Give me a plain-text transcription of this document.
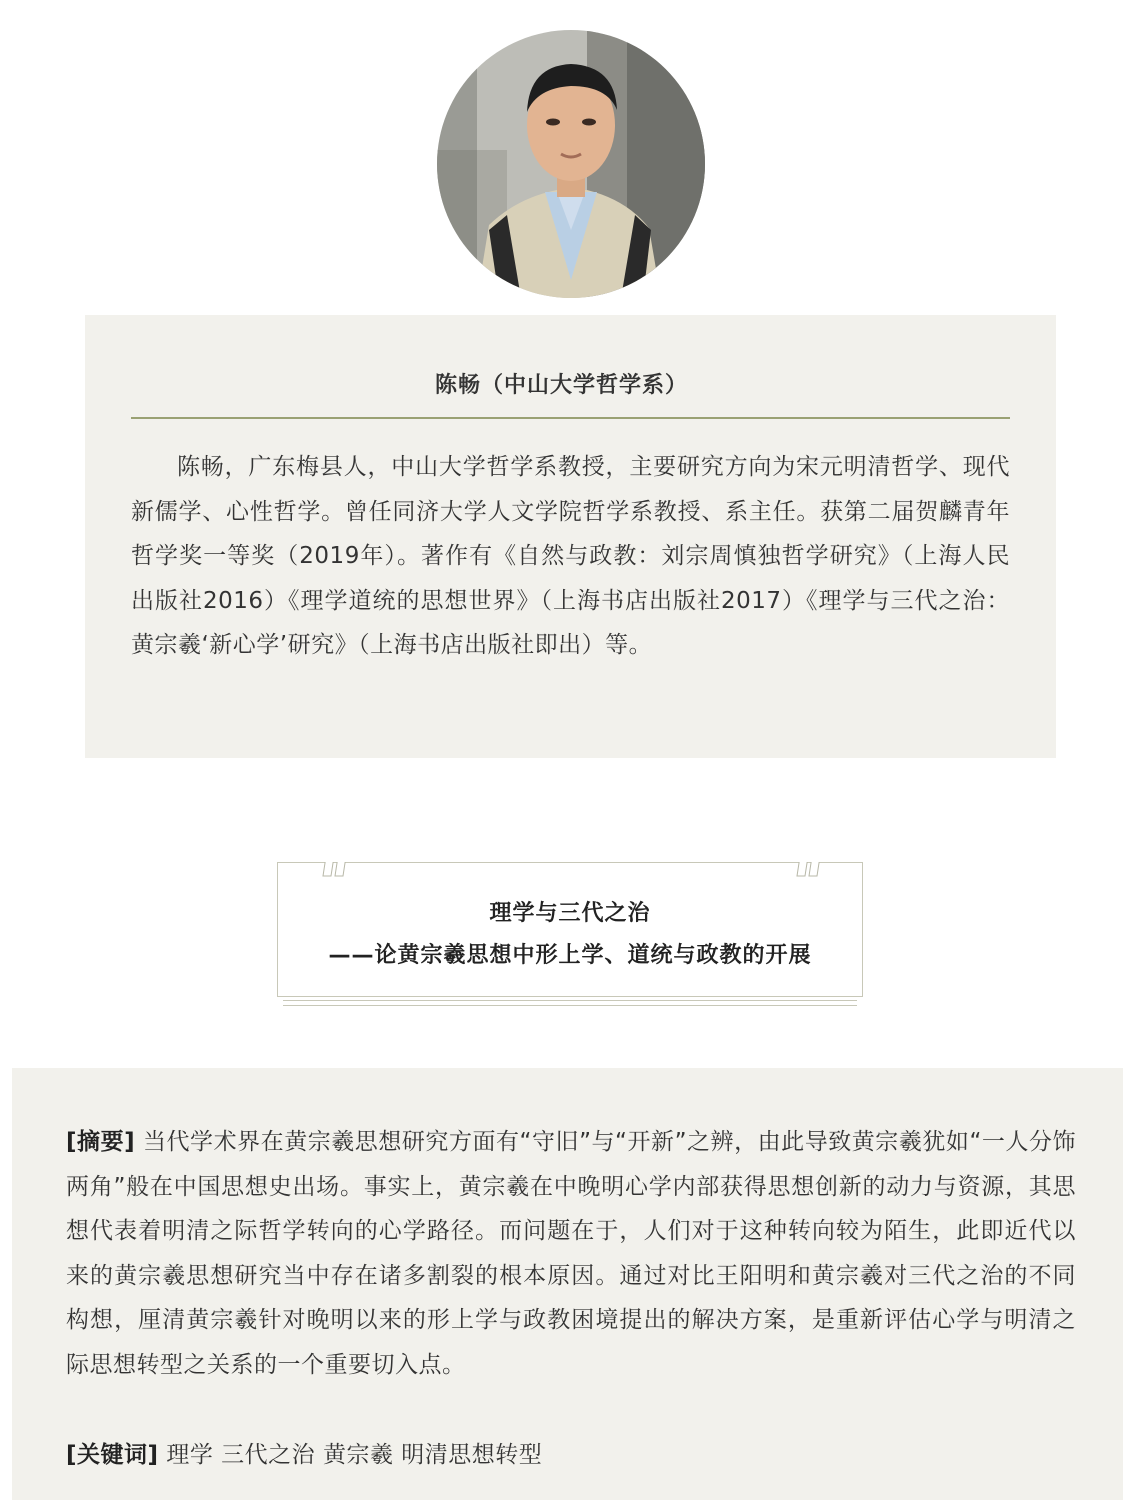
陈畅（中山大学哲学系）

陈畅，广东梅县人，中山大学哲学系教授，主要研究方向为宋元明清哲学、现代新儒学、心性哲学。曾任同济大学人文学院哲学系教授、系主任。获第二届贺麟青年哲学奖一等奖（2019年）。著作有《自然与政教：刘宗周慎独哲学研究》（上海人民出版社2016）《理学道统的思想世界》（上海书店出版社2017）《理学与三代之治：黄宗羲‘新心学’研究》（上海书店出版社即出）等。

理学与三代之治
——论黄宗羲思想中形上学、道统与政教的开展

[摘要] 当代学术界在黄宗羲思想研究方面有“守旧”与“开新”之辨，由此导致黄宗羲犹如“一人分饰两角”般在中国思想史出场。事实上，黄宗羲在中晚明心学内部获得思想创新的动力与资源，其思想代表着明清之际哲学转向的心学路径。而问题在于，人们对于这种转向较为陌生，此即近代以来的黄宗羲思想研究当中存在诸多割裂的根本原因。通过对比王阳明和黄宗羲对三代之治的不同构想，厘清黄宗羲针对晚明以来的形上学与政教困境提出的解决方案，是重新评估心学与明清之际思想转型之关系的一个重要切入点。

[关键词] 理学 三代之治 黄宗羲 明清思想转型
